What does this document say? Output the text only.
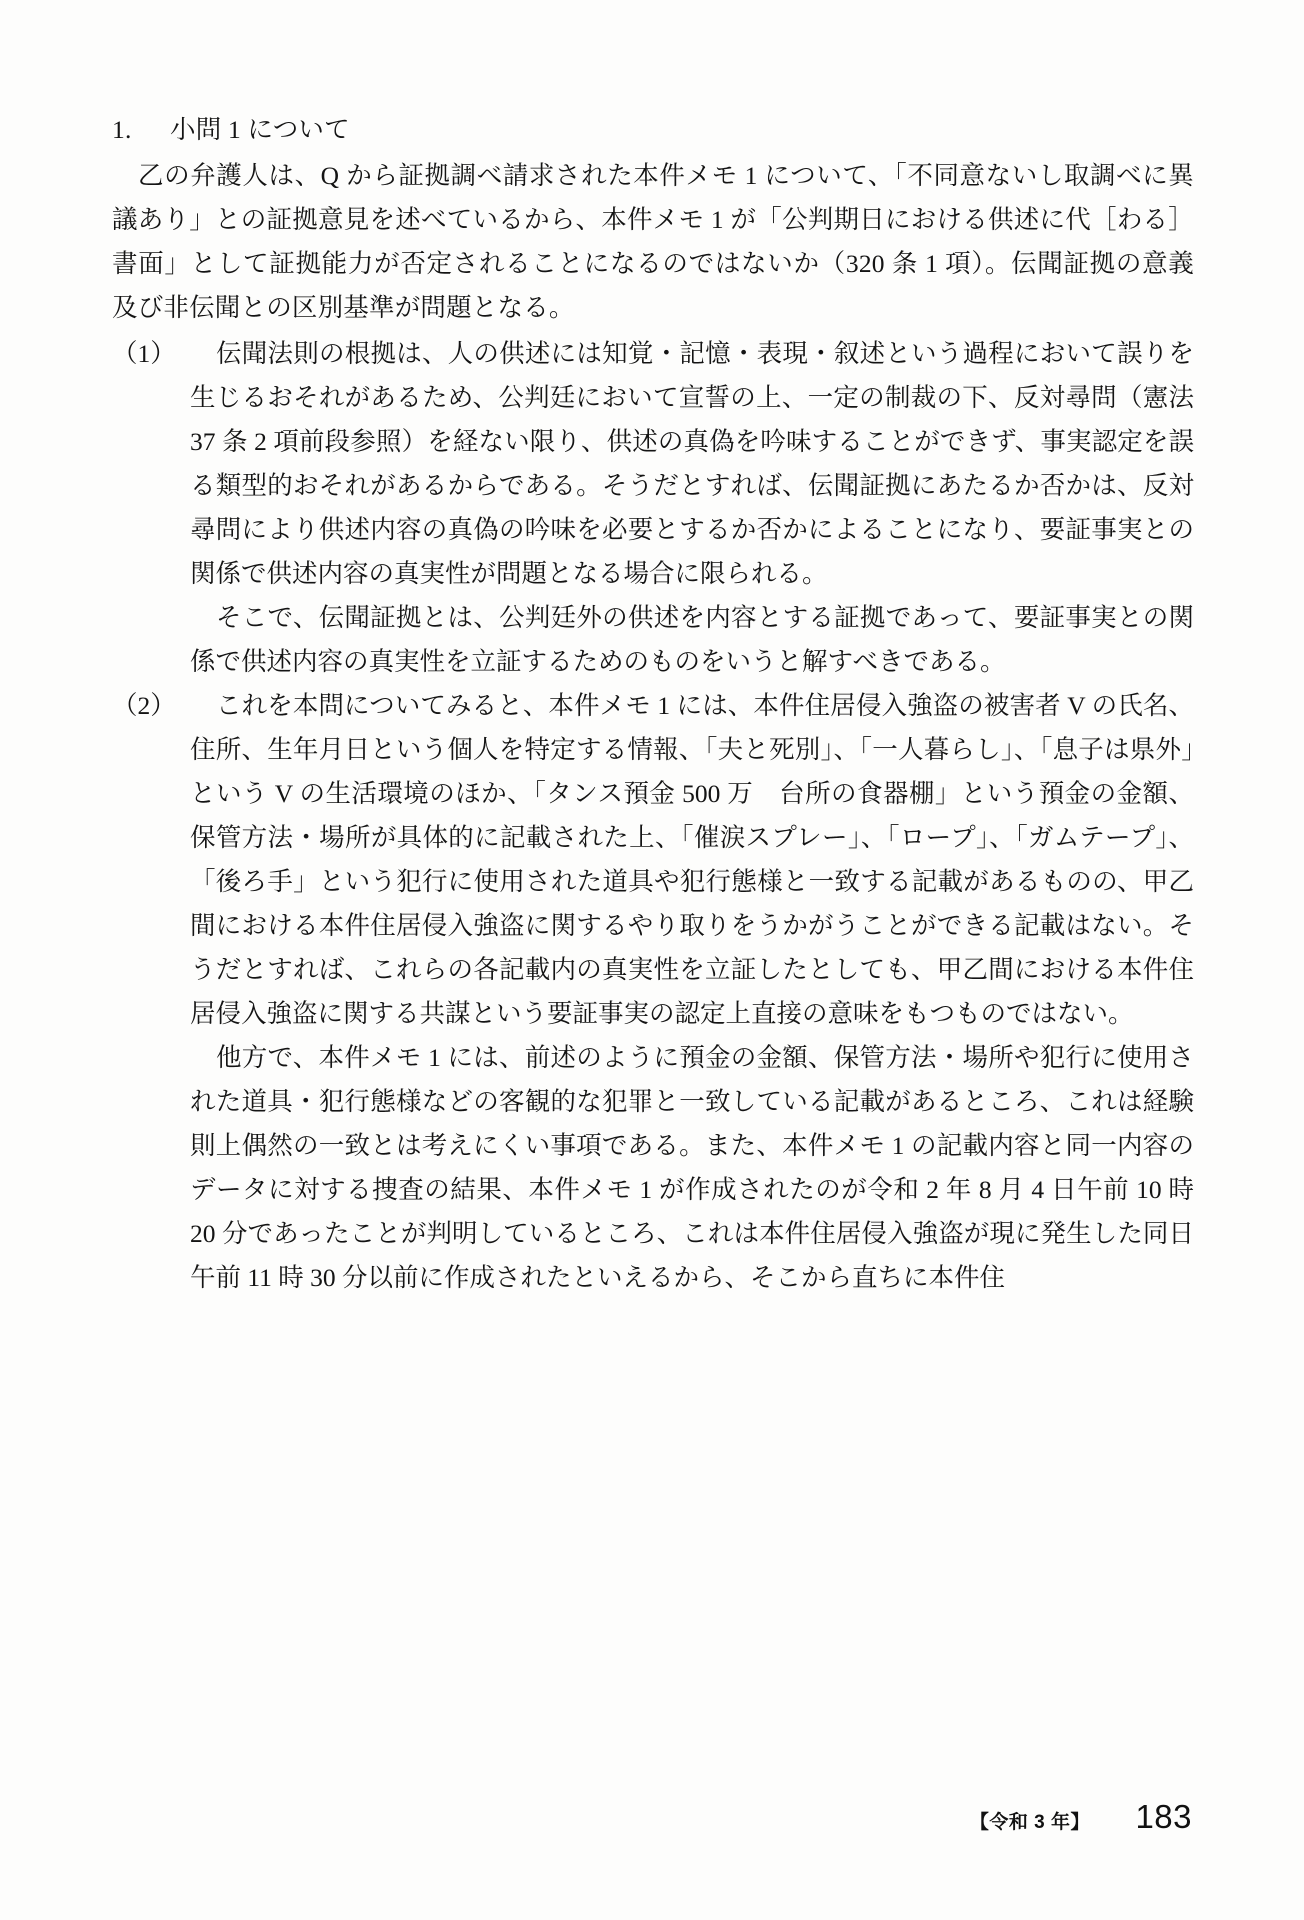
1. 小問 1 について

乙の弁護人は、Q から証拠調べ請求された本件メモ 1 について、「不同意ないし取調べに異議あり」との証拠意見を述べているから、本件メモ 1 が「公判期日における供述に代［わる］書面」として証拠能力が否定されることになるのではないか（320 条 1 項）。伝聞証拠の意義及び非伝聞との区別基準が問題となる。

（1）	伝聞法則の根拠は、人の供述には知覚・記憶・表現・叙述という過程において誤りを生じるおそれがあるため、公判廷において宣誓の上、一定の制裁の下、反対尋問（憲法 37 条 2 項前段参照）を経ない限り、供述の真偽を吟味することができず、事実認定を誤る類型的おそれがあるからである。そうだとすれば、伝聞証拠にあたるか否かは、反対尋問により供述内容の真偽の吟味を必要とするか否かによることになり、要証事実との関係で供述内容の真実性が問題となる場合に限られる。

そこで、伝聞証拠とは、公判廷外の供述を内容とする証拠であって、要証事実との関係で供述内容の真実性を立証するためのものをいうと解すべきである。

（2）	これを本問についてみると、本件メモ 1 には、本件住居侵入強盗の被害者 V の氏名、住所、生年月日という個人を特定する情報、「夫と死別」、「一人暮らし」、「息子は県外」という V の生活環境のほか、「タンス預金 500 万　台所の食器棚」という預金の金額、保管方法・場所が具体的に記載された上、「催涙スプレー」、「ロープ」、「ガムテープ」、「後ろ手」という犯行に使用された道具や犯行態様と一致する記載があるものの、甲乙間における本件住居侵入強盗に関するやり取りをうかがうことができる記載はない。そうだとすれば、これらの各記載内の真実性を立証したとしても、甲乙間における本件住居侵入強盗に関する共謀という要証事実の認定上直接の意味をもつものではない。

他方で、本件メモ 1 には、前述のように預金の金額、保管方法・場所や犯行に使用された道具・犯行態様などの客観的な犯罪と一致している記載があるところ、これは経験則上偶然の一致とは考えにくい事項である。また、本件メモ 1 の記載内容と同一内容のデータに対する捜査の結果、本件メモ 1 が作成されたのが令和 2 年 8 月 4 日午前 10 時 20 分であったことが判明しているところ、これは本件住居侵入強盗が現に発生した同日午前 11 時 30 分以前に作成されたといえるから、そこから直ちに本件住

【令和 3 年】 183
